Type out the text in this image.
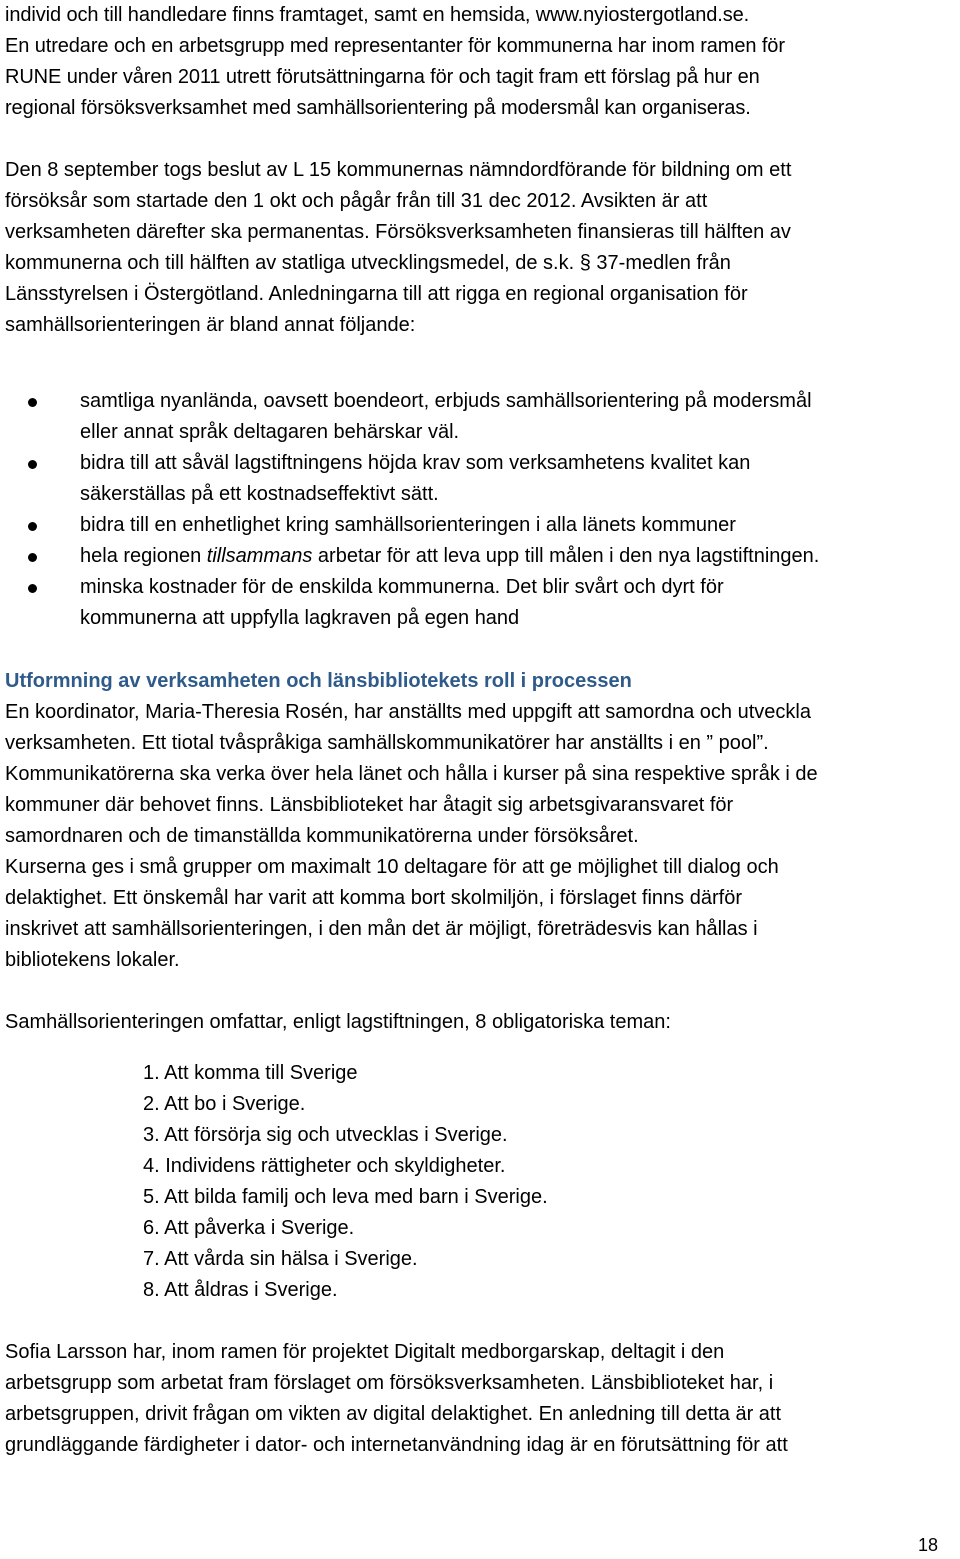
individ och till handledare finns framtaget, samt en hemsida, www.nyiostergotland.se.
En utredare och en arbetsgrupp med representanter för kommunerna har inom ramen för
RUNE under våren 2011 utrett förutsättningarna för och tagit fram ett förslag på hur en
regional försöksverksamhet med samhällsorientering på modersmål kan organiseras.
Den 8 september togs beslut av L 15 kommunernas nämndordförande för bildning om ett
försöksår som startade den 1 okt och pågår från till 31 dec 2012. Avsikten är att
verksamheten därefter ska permanentas. Försöksverksamheten finansieras till hälften av
kommunerna och till hälften av statliga utvecklingsmedel, de s.k. § 37-medlen från
Länsstyrelsen i Östergötland. Anledningarna till att rigga en regional organisation för
samhällsorienteringen är bland annat följande:
samtliga nyanlända, oavsett boendeort, erbjuds samhällsorientering på modersmål
eller annat språk deltagaren behärskar väl.
bidra till att såväl lagstiftningens höjda krav som verksamhetens kvalitet kan
säkerställas på ett kostnadseffektivt sätt.
bidra till en enhetlighet kring samhällsorienteringen i alla länets kommuner
hela regionen tillsammans arbetar för att leva upp till målen i den nya lagstiftningen.
minska kostnader för de enskilda kommunerna. Det blir svårt och dyrt för
kommunerna att uppfylla lagkraven på egen hand
Utformning av verksamheten och länsbibliotekets roll i processen
En koordinator, Maria-Theresia Rosén, har anställts med uppgift att samordna och utveckla
verksamheten. Ett tiotal tvåspråkiga samhällskommunikatörer har anställts i en ” pool”.
Kommunikatörerna ska verka över hela länet och hålla i kurser på sina respektive språk i de
kommuner där behovet finns. Länsbiblioteket har åtagit sig arbetsgivaransvaret för
samordnaren och de timanställda kommunikatörerna under försöksåret.
Kurserna ges i små grupper om maximalt 10 deltagare för att ge möjlighet till dialog och
delaktighet. Ett önskemål har varit att komma bort skolmiljön, i förslaget finns därför
inskrivet att samhällsorienteringen, i den mån det är möjligt, företrädesvis kan hållas i
bibliotekens lokaler.
Samhällsorienteringen omfattar, enligt lagstiftningen, 8 obligatoriska teman:
1. Att komma till Sverige
2. Att bo i Sverige.
3. Att försörja sig och utvecklas i Sverige.
4. Individens rättigheter och skyldigheter.
5. Att bilda familj och leva med barn i Sverige.
6. Att påverka i Sverige.
7. Att vårda sin hälsa i Sverige.
8. Att åldras i Sverige.
Sofia Larsson har, inom ramen för projektet Digitalt medborgarskap, deltagit i den
arbetsgrupp som arbetat fram förslaget om försöksverksamheten. Länsbiblioteket har, i
arbetsgruppen, drivit frågan om vikten av digital delaktighet. En anledning till detta är att
grundläggande färdigheter i dator- och internetanvändning idag är en förutsättning för att
18
